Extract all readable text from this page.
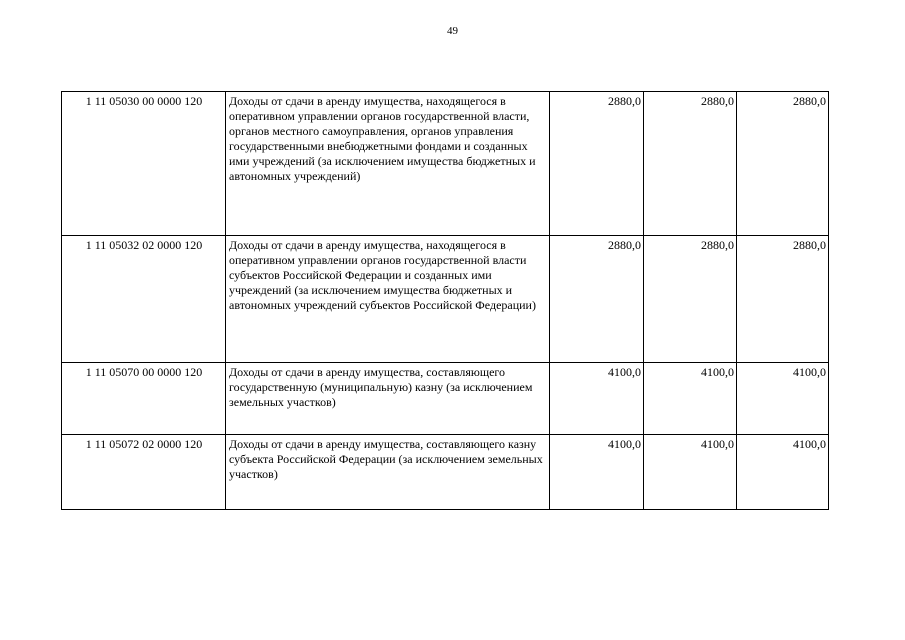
49
1 11 05030 00 0000 120	Доходы от сдачи в аренду имущества, находящегося в оперативном управлении органов государственной власти, органов местного самоуправления, органов управления государственными внебюджетными фондами и созданных ими учреждений (за исключением имущества бюджетных и автономных учреждений)	2880,0	2880,0	2880,0
1 11 05032 02 0000 120	Доходы от сдачи в аренду имущества, находящегося в оперативном управлении органов государственной власти субъектов Российской Федерации и созданных ими учреждений (за исключением имущества бюджетных и автономных учреждений субъектов Российской Федерации)	2880,0	2880,0	2880,0
1 11 05070 00 0000 120	Доходы от сдачи в аренду имущества, составляющего государственную (муниципальную) казну (за исключением земельных участков)	4100,0	4100,0	4100,0
1 11 05072 02 0000 120	Доходы от сдачи в аренду имущества, составляющего казну субъекта Российской Федерации (за исключением земельных участков)	4100,0	4100,0	4100,0
